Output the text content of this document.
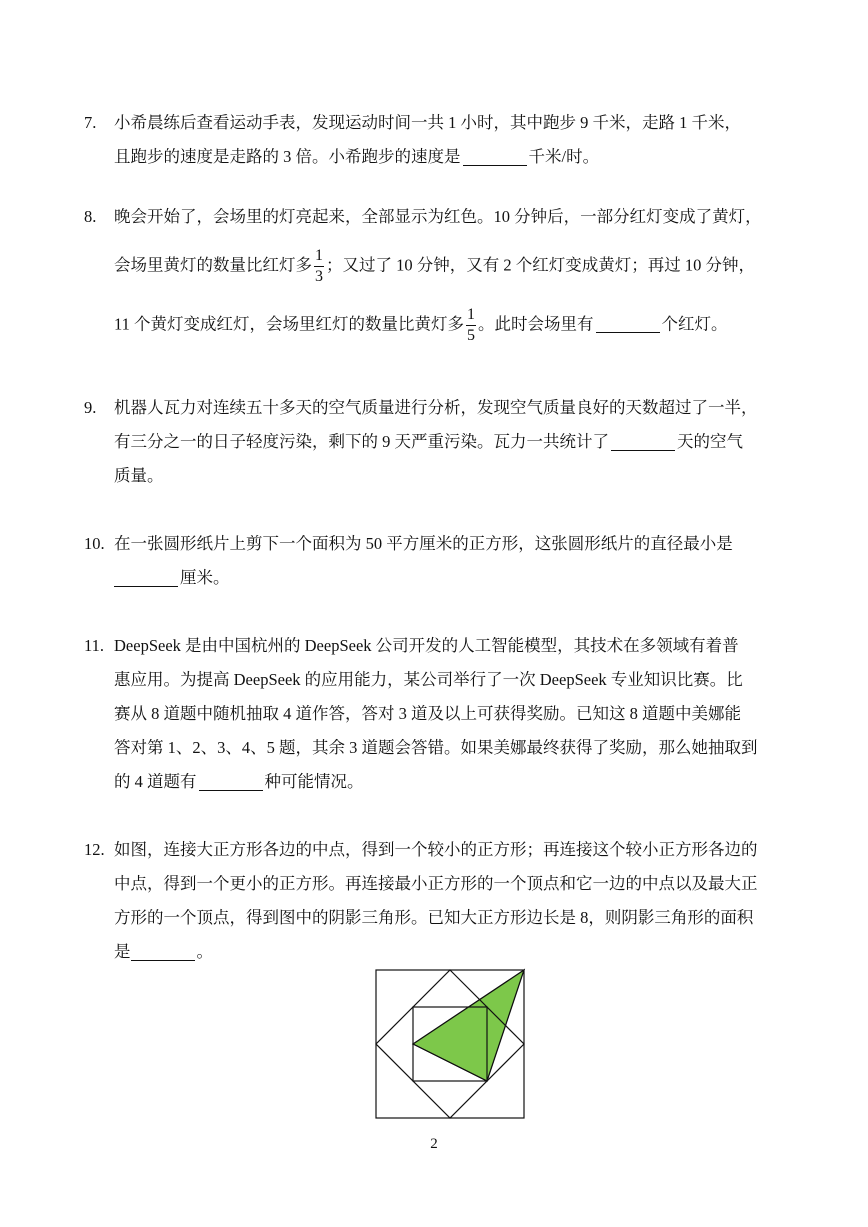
7.	小希晨练后查看运动手表，发现运动时间一共 1 小时，其中跑步 9 千米，走路 1 千米，
且跑步的速度是走路的 3 倍。小希跑步的速度是	千米/时。
8.	晚会开始了，会场里的灯亮起来，全部显示为红色。10 分钟后，一部分红灯变成了黄灯，
会场里黄灯的数量比红灯多 $\frac{1}{3}$ ；又过了 10 分钟，又有 2 个红灯变成黄灯；再过 10 分钟，
11 个黄灯变成红灯，会场里红灯的数量比黄灯多 $\frac{1}{5}$ 。此时会场里有	个红灯。
9.	机器人瓦力对连续五十多天的空气质量进行分析，发现空气质量良好的天数超过了一半，
有三分之一的日子轻度污染，剩下的 9 天严重污染。瓦力一共统计了	天的空气
质量。
10. 在一张圆形纸片上剪下一个面积为 50 平方厘米的正方形，这张圆形纸片的直径最小是
厘米。
11. DeepSeek 是由中国杭州的 DeepSeek 公司开发的人工智能模型，其技术在多领域有着普
惠应用。为提高 DeepSeek 的应用能力，某公司举行了一次 DeepSeek 专业知识比赛。比
赛从 8 道题中随机抽取 4 道作答，答对 3 道及以上可获得奖励。已知这 8 道题中美娜能
答对第 1、2、3、4、5 题，其余 3 道题会答错。如果美娜最终获得了奖励，那么她抽取到
的 4 道题有	种可能情况。
12. 如图，连接大正方形各边的中点，得到一个较小的正方形；再连接这个较小正方形各边的
中点，得到一个更小的正方形。再连接最小正方形的一个顶点和它一边的中点以及最大正
方形的一个顶点，得到图中的阴影三角形。已知大正方形边长是 8，则阴影三角形的面积
是	。
2
